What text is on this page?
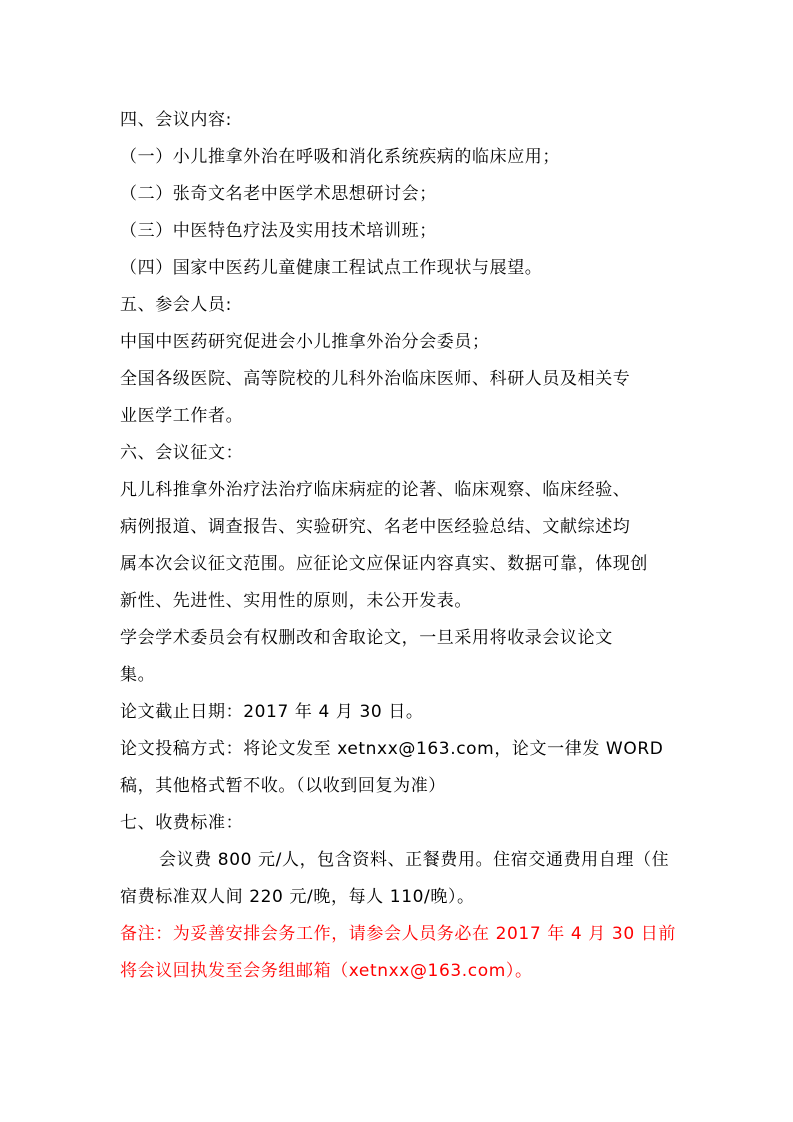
四、会议内容:
（一）小儿推拿外治在呼吸和消化系统疾病的临床应用；
（二）张奇文名老中医学术思想研讨会；
（三）中医特色疗法及实用技术培训班；
（四）国家中医药儿童健康工程试点工作现状与展望。
五、参会人员:
中国中医药研究促进会小儿推拿外治分会委员；
全国各级医院、高等院校的儿科外治临床医师、科研人员及相关专
业医学工作者。
六、会议征文：
凡儿科推拿外治疗法治疗临床病症的论著、临床观察、临床经验、
病例报道、调查报告、实验研究、名老中医经验总结、文献综述均
属本次会议征文范围。应征论文应保证内容真实、数据可靠，体现创
新性、先进性、实用性的原则，未公开发表。
学会学术委员会有权删改和舍取论文，一旦采用将收录会议论文
集。
论文截止日期：2017 年 4 月 30 日。
论文投稿方式：将论文发至 xetnxx@163.com，论文一律发 WORD
稿，其他格式暂不收。（以收到回复为准）
七、收费标准：
会议费 800 元/人，包含资料、正餐费用。住宿交通费用自理（住
宿费标准双人间 220 元/晚，每人 110/晚）。
备注：为妥善安排会务工作，请参会人员务必在 2017 年 4 月 30 日前
将会议回执发至会务组邮箱（xetnxx@163.com）。
